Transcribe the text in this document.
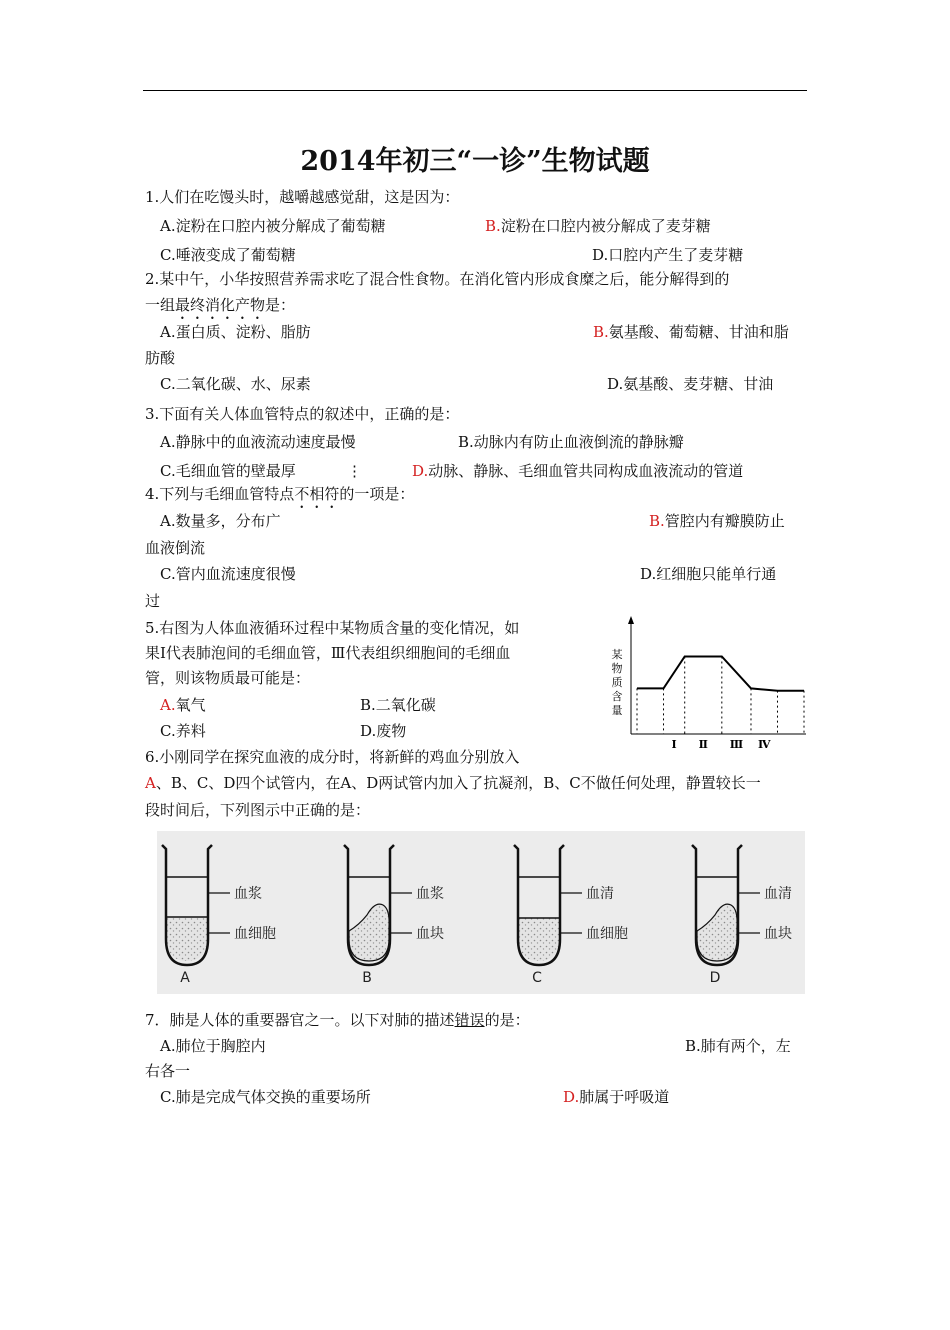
2014年初三“一诊”生物试题
1.人们在吃馒头时，越嚼越感觉甜，这是因为：
A.淀粉在口腔内被分解成了葡萄糖	B.淀粉在口腔内被分解成了麦芽糖
C.唾液变成了葡萄糖	D.口腔内产生了麦芽糖
2.某中午，小华按照营养需求吃了混合性食物。在消化管内形成食糜之后，能分解得到的
一组最终消化产物是：
A.蛋白质、淀粉、脂肪	B.氨基酸、葡萄糖、甘油和脂
肪酸
C.二氧化碳、水、尿素	D.氨基酸、麦芽糖、甘油
3.下面有关人体血管特点的叙述中，正确的是：
A.静脉中的血液流动速度最慢	B.动脉内有防止血液倒流的静脉瓣
C.毛细血管的壁最厚	⋮	D.动脉、静脉、毛细血管共同构成血液流动的管道
4.下列与毛细血管特点不相符的一项是：
A.数量多，分布广	B.管腔内有瓣膜防止
血液倒流
C.管内血流速度很慢	D.红细胞只能单行通
过
5.右图为人体血液循环过程中某物质含量的变化情况，如
果Ⅰ代表肺泡间的毛细血管，Ⅲ代表组织细胞间的毛细血
管，则该物质最可能是：
A.氧气	B.二氧化碳
C.养料	D.废物
某
物
质
含
量
Ⅰ Ⅱ Ⅲ Ⅳ
6.小刚同学在探究血液的成分时，将新鲜的鸡血分别放入
A、B、C、D四个试管内，在A、D两试管内加入了抗凝剂，B、C不做任何处理，静置较长一
段时间后，下列图示中正确的是：
血浆
血细胞
A
血浆
血块
B
血清
血细胞
C
血清
血块
D
7．肺是人体的重要器官之一。以下对肺的描述错误的是：
A.肺位于胸腔内	B.肺有两个，左
右各一
C.肺是完成气体交换的重要场所	D.肺属于呼吸道
